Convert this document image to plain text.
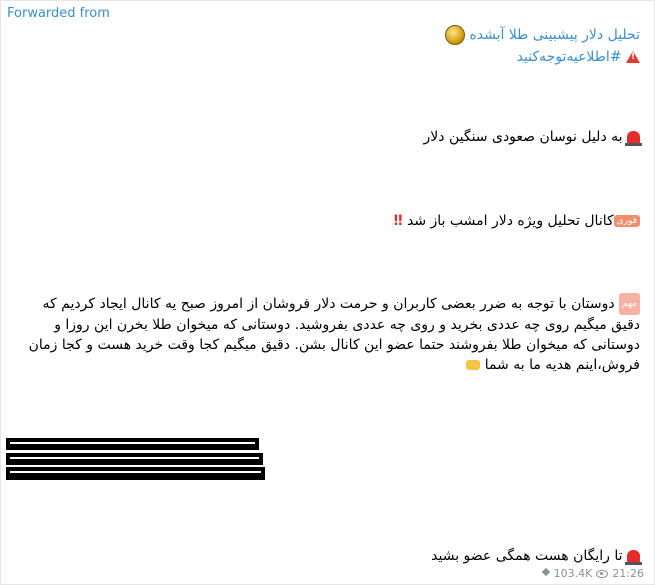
Forwarded from
تحلیل دلار پیشبینی طلا آبشده
! #اطلاعیه‌توجه‌کنید
به دلیل نوسان صعودی سنگین دلار
فوریکانال تحلیل ویژه دلار امشب باز شد ‼
مهم دوستان با توجه به ضرر بعضی کاربران و حرمت دلار فروشان از امروز صبح یه کانال ایجاد کردیم که دقیق میگیم روی چه عددی بخرید و روی چه عددی بفروشید. دوستانی که میخوان طلا بخرن این روزا و دوستانی که میخوان طلا بفروشند حتما عضو این کانال بشن. دقیق میگیم کجا وقت خرید هست و کجا زمان فروش،اینم هدیه ما به شما
تا رایگان هست همگی عضو بشید
103.4K 21:26
